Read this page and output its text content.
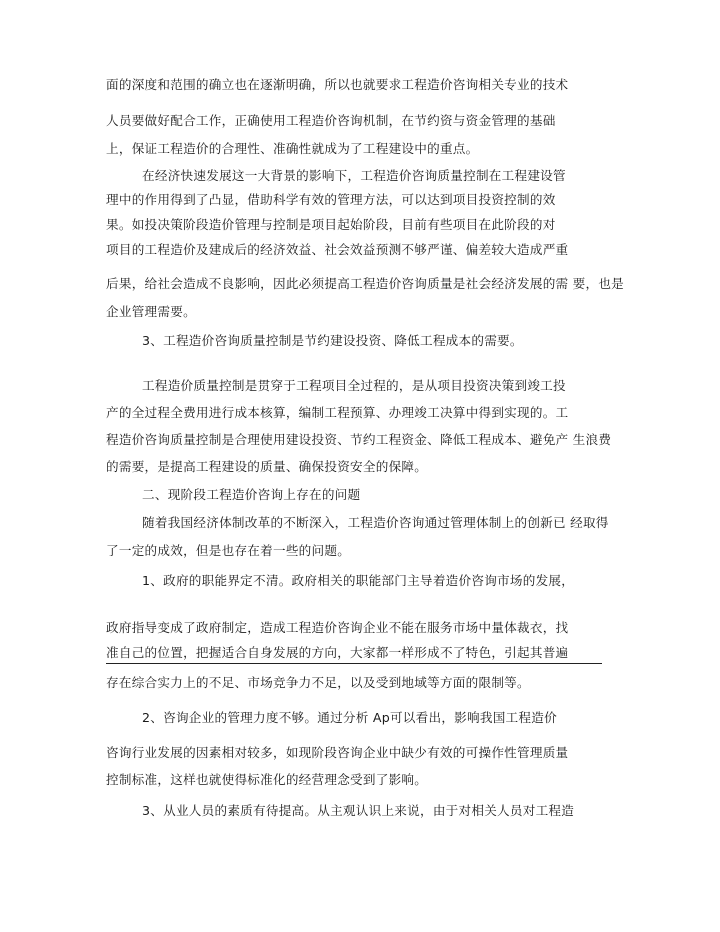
面的深度和范围的确立也在逐渐明确，所以也就要求工程造价咨询相关专业的技术
人员要做好配合工作，正确使用工程造价咨询机制，在节约资与资金管理的基础
上，保证工程造价的合理性、准确性就成为了工程建设中的重点。
在经济快速发展这一大背景的影响下，工程造价咨询质量控制在工程建设管
理中的作用得到了凸显，借助科学有效的管理方法，可以达到项目投资控制的效
果。如投决策阶段造价管理与控制是项目起始阶段，目前有些项目在此阶段的对
项目的工程造价及建成后的经济效益、社会效益预测不够严谨、偏差较大造成严重
后果，给社会造成不良影响，因此必须提高工程造价咨询质量是社会经济发展的需 要，也是
企业管理需要。
3、工程造价咨询质量控制是节约建设投资、降低工程成本的需要。
工程造价质量控制是贯穿于工程项目全过程的，是从项目投资决策到竣工投
产的全过程全费用进行成本核算，编制工程预算、办理竣工决算中得到实现的。工
程造价咨询质量控制是合理使用建设投资、节约工程资金、降低工程成本、避免产 生浪费
的需要，是提高工程建设的质量、确保投资安全的保障。
二、现阶段工程造价咨询上存在的问题
随着我国经济体制改革的不断深入，工程造价咨询通过管理体制上的创新已 经取得
了一定的成效，但是也存在着一些的问题。
1、政府的职能界定不清。政府相关的职能部门主导着造价咨询市场的发展，
政府指导变成了政府制定，造成工程造价咨询企业不能在服务市场中量体裁衣，找
准自己的位置，把握适合自身发展的方向，大家都一样形成不了特色，引起其普遍
存在综合实力上的不足、市场竞争力不足，以及受到地域等方面的限制等。
2、咨询企业的管理力度不够。通过分析 Ap可以看出，影响我国工程造价
咨询行业发展的因素相对较多，如现阶段咨询企业中缺少有效的可操作性管理质量
控制标准，这样也就使得标准化的经营理念受到了影响。
3、从业人员的素质有待提高。从主观认识上来说，由于对相关人员对工程造
